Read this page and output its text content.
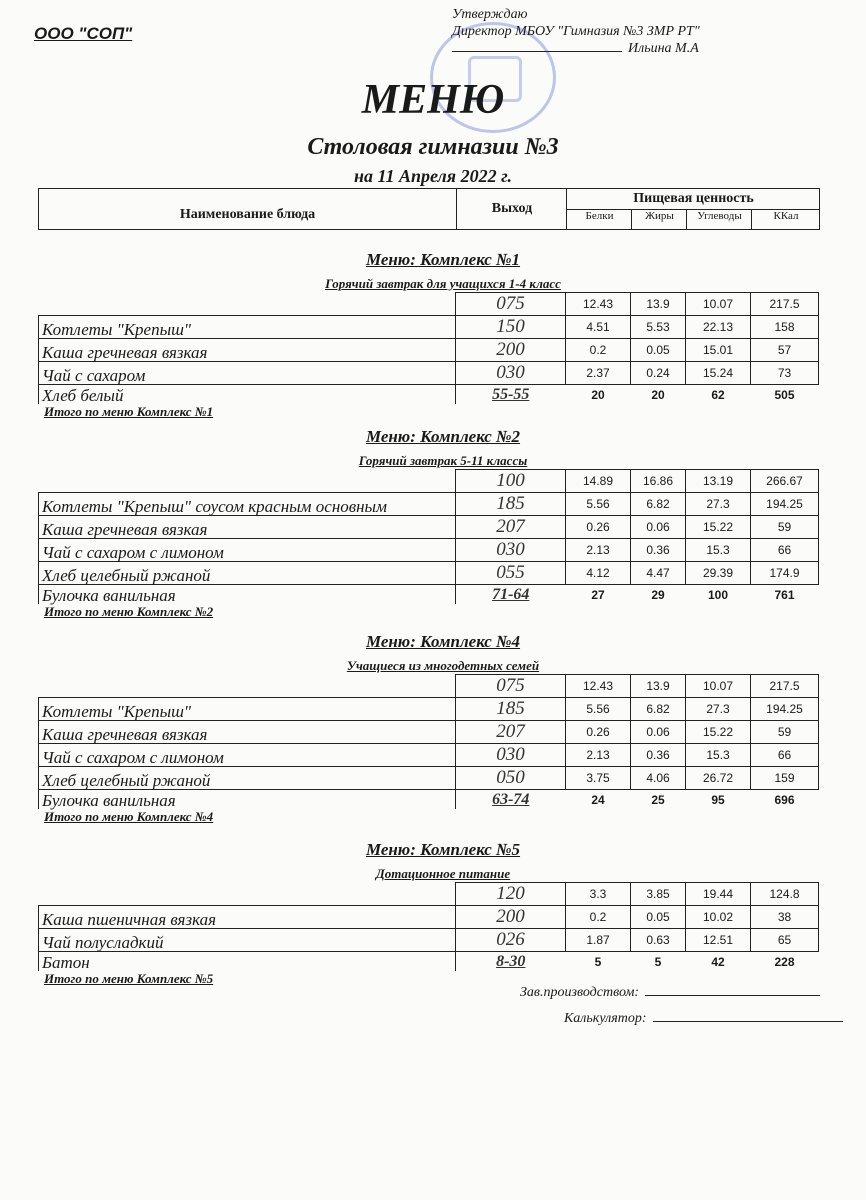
ООО "СОП"
Утверждаю
Директор МБОУ "Гимназия №3 ЗМР РТ"
Ильина М.А
МЕНЮ
Столовая гимназии №3
на 11 Апреля 2022 г.
Наименование блюда	Выход
Пищевая ценность
Белки	Жиры	Углеводы	ККал
Меню: Комплекс №1
Горячий завтрак для учащихся 1-4 класс
	075	12.43	13.9	10.07	217.5
Котлеты "Крепыш"	150	4.51	5.53	22.13	158
Каша гречневая вязкая	200	0.2	0.05	15.01	57
Чай с сахаром	030	2.37	0.24	15.24	73
Хлеб белый	55-55	20	20	62	505
Итого по меню Комплекс №1
Меню: Комплекс №2
Горячий завтрак 5-11 классы
	100	14.89	16.86	13.19	266.67
Котлеты "Крепыш" соусом красным основным	185	5.56	6.82	27.3	194.25
Каша гречневая вязкая	207	0.26	0.06	15.22	59
Чай с сахаром с лимоном	030	2.13	0.36	15.3	66
Хлеб целебный ржаной	055	4.12	4.47	29.39	174.9
Булочка ванильная	71-64	27	29	100	761
Итого по меню Комплекс №2
Меню: Комплекс №4
Учащиеся из многодетных семей
	075	12.43	13.9	10.07	217.5
Котлеты "Крепыш"	185	5.56	6.82	27.3	194.25
Каша гречневая вязкая	207	0.26	0.06	15.22	59
Чай с сахаром с лимоном	030	2.13	0.36	15.3	66
Хлеб целебный ржаной	050	3.75	4.06	26.72	159
Булочка ванильная	63-74	24	25	95	696
Итого по меню Комплекс №4
Меню: Комплекс №5
Дотационное питание
	120	3.3	3.85	19.44	124.8
Каша пшеничная вязкая	200	0.2	0.05	10.02	38
Чай полусладкий	026	1.87	0.63	12.51	65
Батон	8-30	5	5	42	228
Итого по меню Комплекс №5
Зав.производством:
Калькулятор:
